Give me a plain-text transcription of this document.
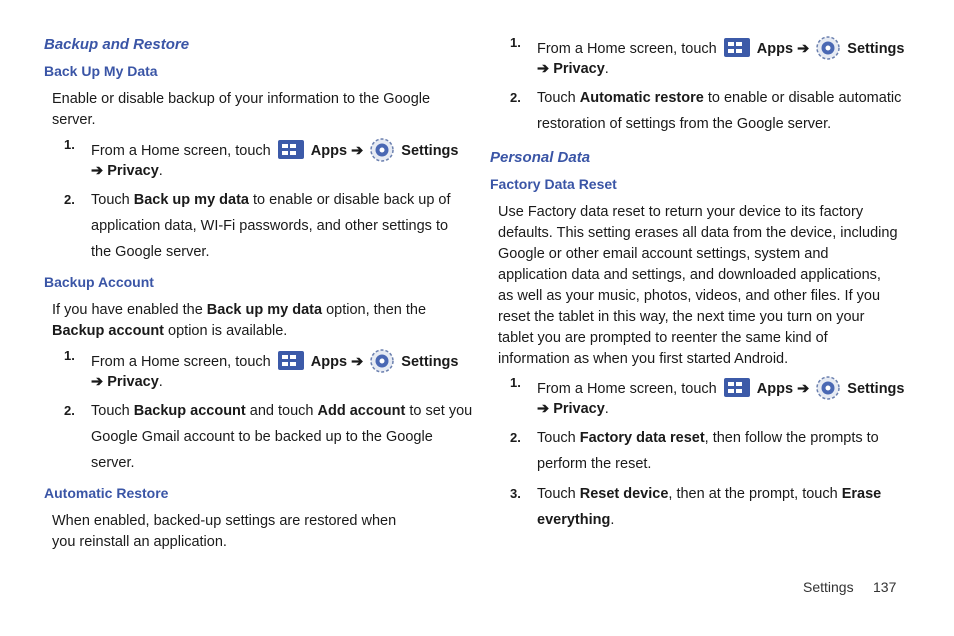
Backup and Restore
Back Up My Data
Enable or disable backup of your information to the Google server.
1. From a Home screen, touch	Apps ➔	Settings
➔ Privacy.
2. Touch Back up my data to enable or disable back up of
application data, WI-Fi passwords, and other settings to
the Google server.
Backup Account
If you have enabled the Back up my data option, then the Backup account option is available.
1. From a Home screen, touch	Apps ➔	Settings
➔ Privacy.
2. Touch Backup account and touch Add account to set you
Google Gmail account to be backed up to the Google
server.
Automatic Restore
When enabled, backed-up settings are restored when you reinstall an application.
1. From a Home screen, touch	Apps ➔	Settings
➔ Privacy.
2. Touch Automatic restore to enable or disable automatic
restoration of settings from the Google server.
Personal Data
Factory Data Reset
Use Factory data reset to return your device to its factory defaults. This setting erases all data from the device, including Google or other email account settings, system and application data and settings, and downloaded applications, as well as your music, photos, videos, and other files. If you reset the tablet in this way, the next time you turn on your tablet you are prompted to reenter the same kind of information as when you first started Android.
1. From a Home screen, touch	Apps ➔	Settings
➔ Privacy.
2. Touch Factory data reset, then follow the prompts to
perform the reset.
3. Touch Reset device, then at the prompt, touch Erase
everything.
Settings 137
